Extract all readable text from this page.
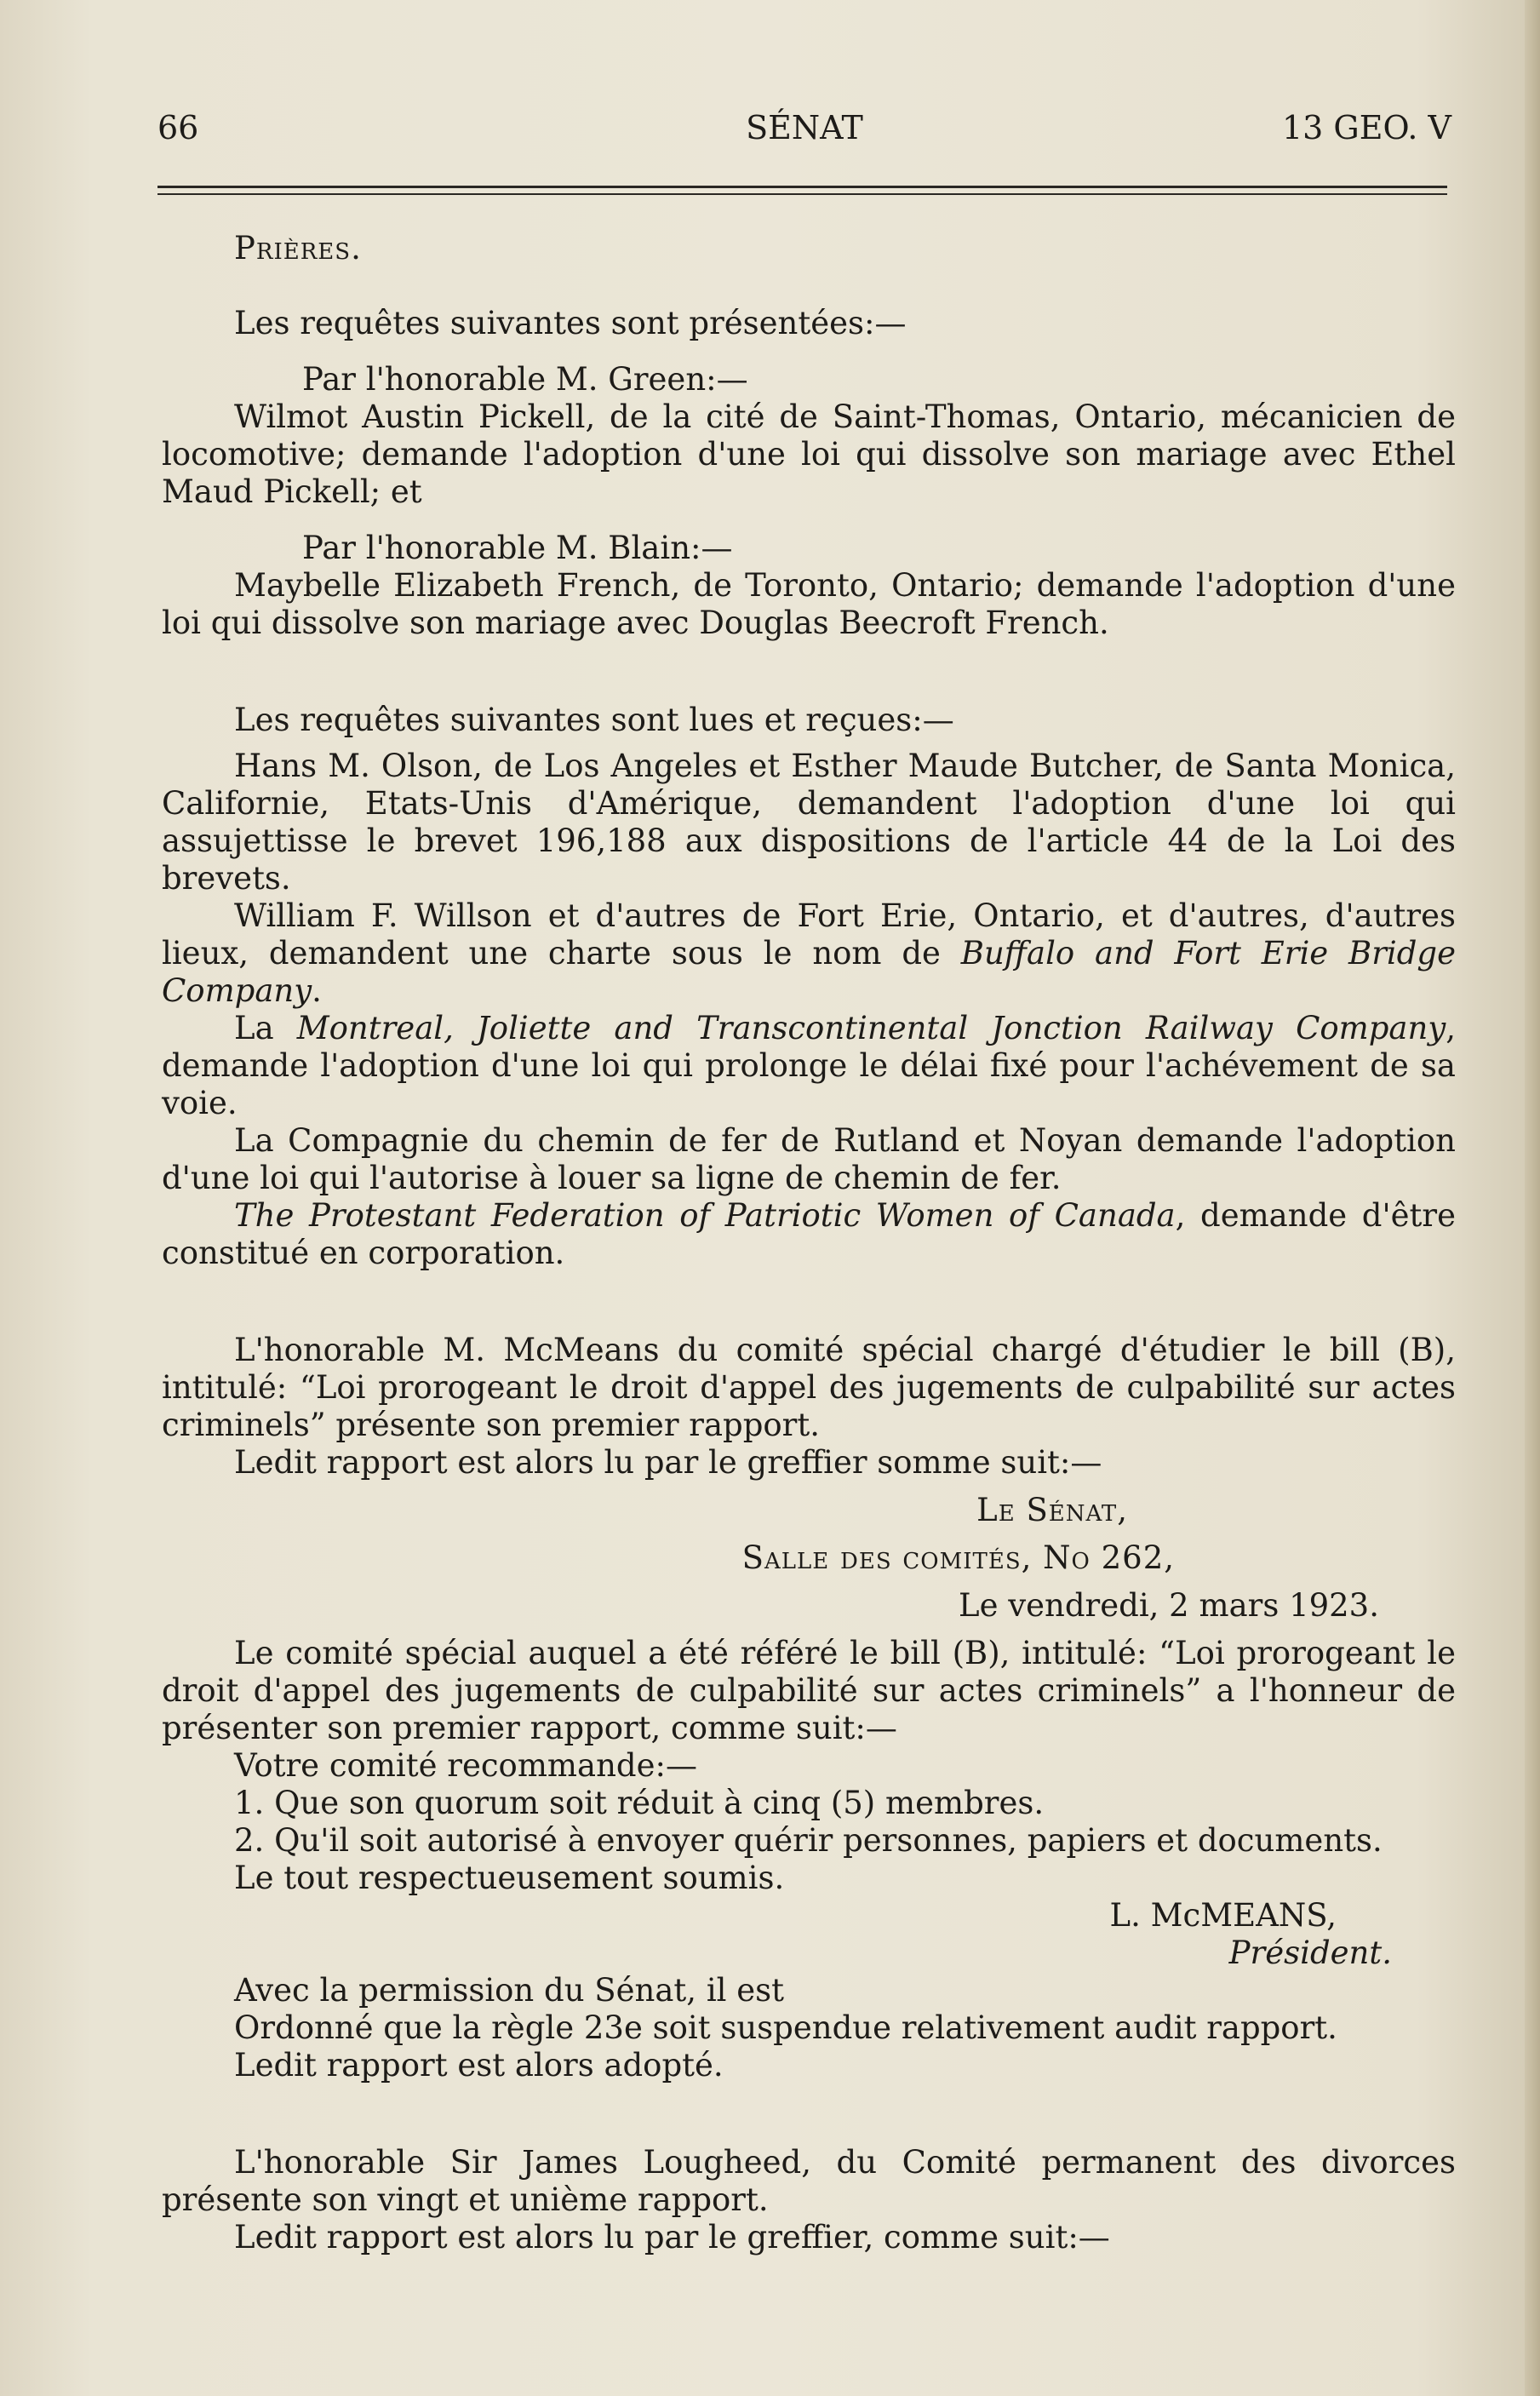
66	SÉNAT	13 GEO. V

Prières.

Les requêtes suivantes sont présentées:—

Par l'honorable M. Green:—

Wilmot Austin Pickell, de la cité de Saint-Thomas, Ontario, mécanicien de locomotive; demande l'adoption d'une loi qui dissolve son mariage avec Ethel Maud Pickell; et

Par l'honorable M. Blain:—

Maybelle Elizabeth French, de Toronto, Ontario; demande l'adoption d'une loi qui dissolve son mariage avec Douglas Beecroft French.

Les requêtes suivantes sont lues et reçues:—

Hans M. Olson, de Los Angeles et Esther Maude Butcher, de Santa Monica, Californie, Etats-Unis d'Amérique, demandent l'adoption d'une loi qui assujettisse le brevet 196,188 aux dispositions de l'article 44 de la Loi des brevets.

William F. Willson et d'autres de Fort Erie, Ontario, et d'autres, d'autres lieux, demandent une charte sous le nom de Buffalo and Fort Erie Bridge Company.

La Montreal, Joliette and Transcontinental Jonction Railway Company, demande l'adoption d'une loi qui prolonge le délai fixé pour l'achévement de sa voie.

La Compagnie du chemin de fer de Rutland et Noyan demande l'adoption d'une loi qui l'autorise à louer sa ligne de chemin de fer.

The Protestant Federation of Patriotic Women of Canada, demande d'être constitué en corporation.

L'honorable M. McMeans du comité spécial chargé d'étudier le bill (B), intitulé: “Loi prorogeant le droit d'appel des jugements de culpabilité sur actes criminels” présente son premier rapport.

Ledit rapport est alors lu par le greffier somme suit:—

Le Sénat,

Salle des comités, No 262,

Le vendredi, 2 mars 1923.

Le comité spécial auquel a été référé le bill (B), intitulé: “Loi prorogeant le droit d'appel des jugements de culpabilité sur actes criminels” a l'honneur de présenter son premier rapport, comme suit:—

Votre comité recommande:—

1. Que son quorum soit réduit à cinq (5) membres.

2. Qu'il soit autorisé à envoyer quérir personnes, papiers et documents.

Le tout respectueusement soumis.

L. McMEANS,

Président.

Avec la permission du Sénat, il est

Ordonné que la règle 23e soit suspendue relativement audit rapport.

Ledit rapport est alors adopté.

L'honorable Sir James Lougheed, du Comité permanent des divorces présente son vingt et unième rapport.

Ledit rapport est alors lu par le greffier, comme suit:—
